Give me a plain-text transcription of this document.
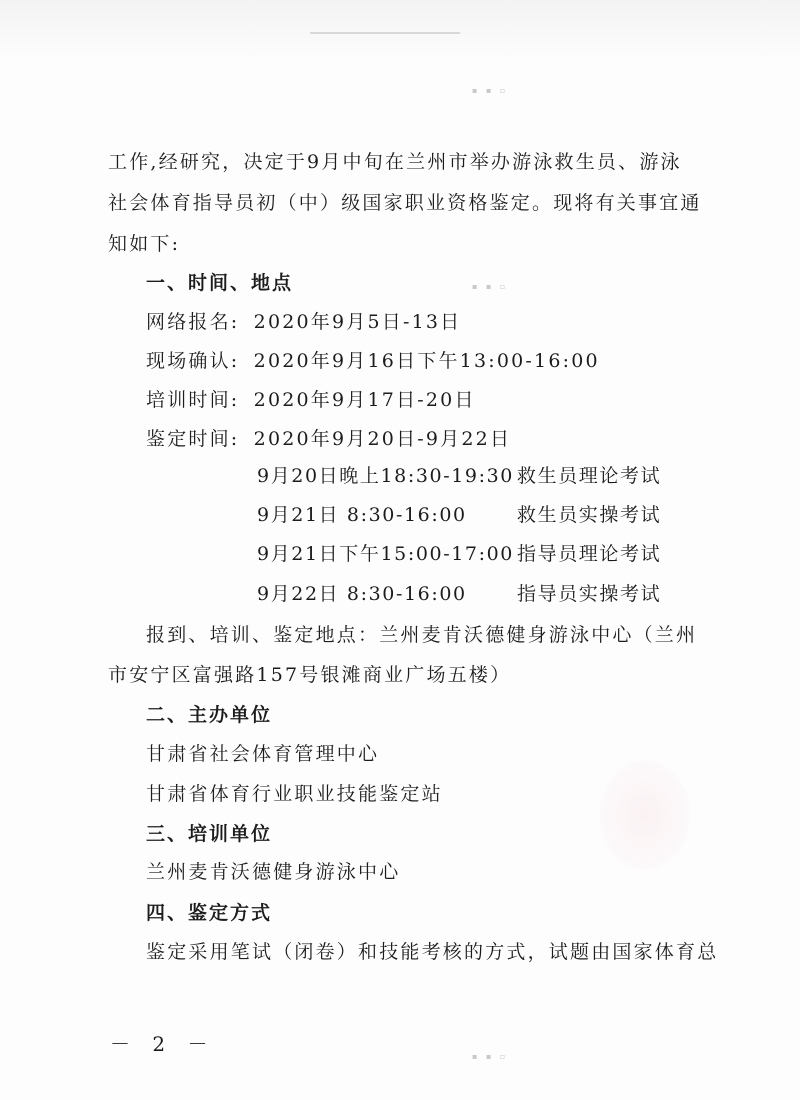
▪ ▪ ▫
▪ ▪ ▫
▪ ▪ ▫
工作,经研究，决定于9月中旬在兰州市举办游泳救生员、游泳
社会体育指导员初（中）级国家职业资格鉴定。现将有关事宜通
知如下:
一、时间、地点
网络报名: 2020年9月5日-13日
现场确认: 2020年9月16日下午13:00-16:00
培训时间: 2020年9月17日-20日
鉴定时间: 2020年9月20日-9月22日
9月20日晚上18:30-19:30 救生员理论考试
9月21日 8:30-16:00	救生员实操考试
9月21日下午15:00-17:00 指导员理论考试
9月22日 8:30-16:00	指导员实操考试
报到、培训、鉴定地点：兰州麦肯沃德健身游泳中心（兰州
市安宁区富强路157号银滩商业广场五楼）
二、主办单位
甘肃省社会体育管理中心
甘肃省体育行业职业技能鉴定站
三、培训单位
兰州麦肯沃德健身游泳中心
四、鉴定方式
鉴定采用笔试（闭卷）和技能考核的方式，试题由国家体育总
－ 2 －
